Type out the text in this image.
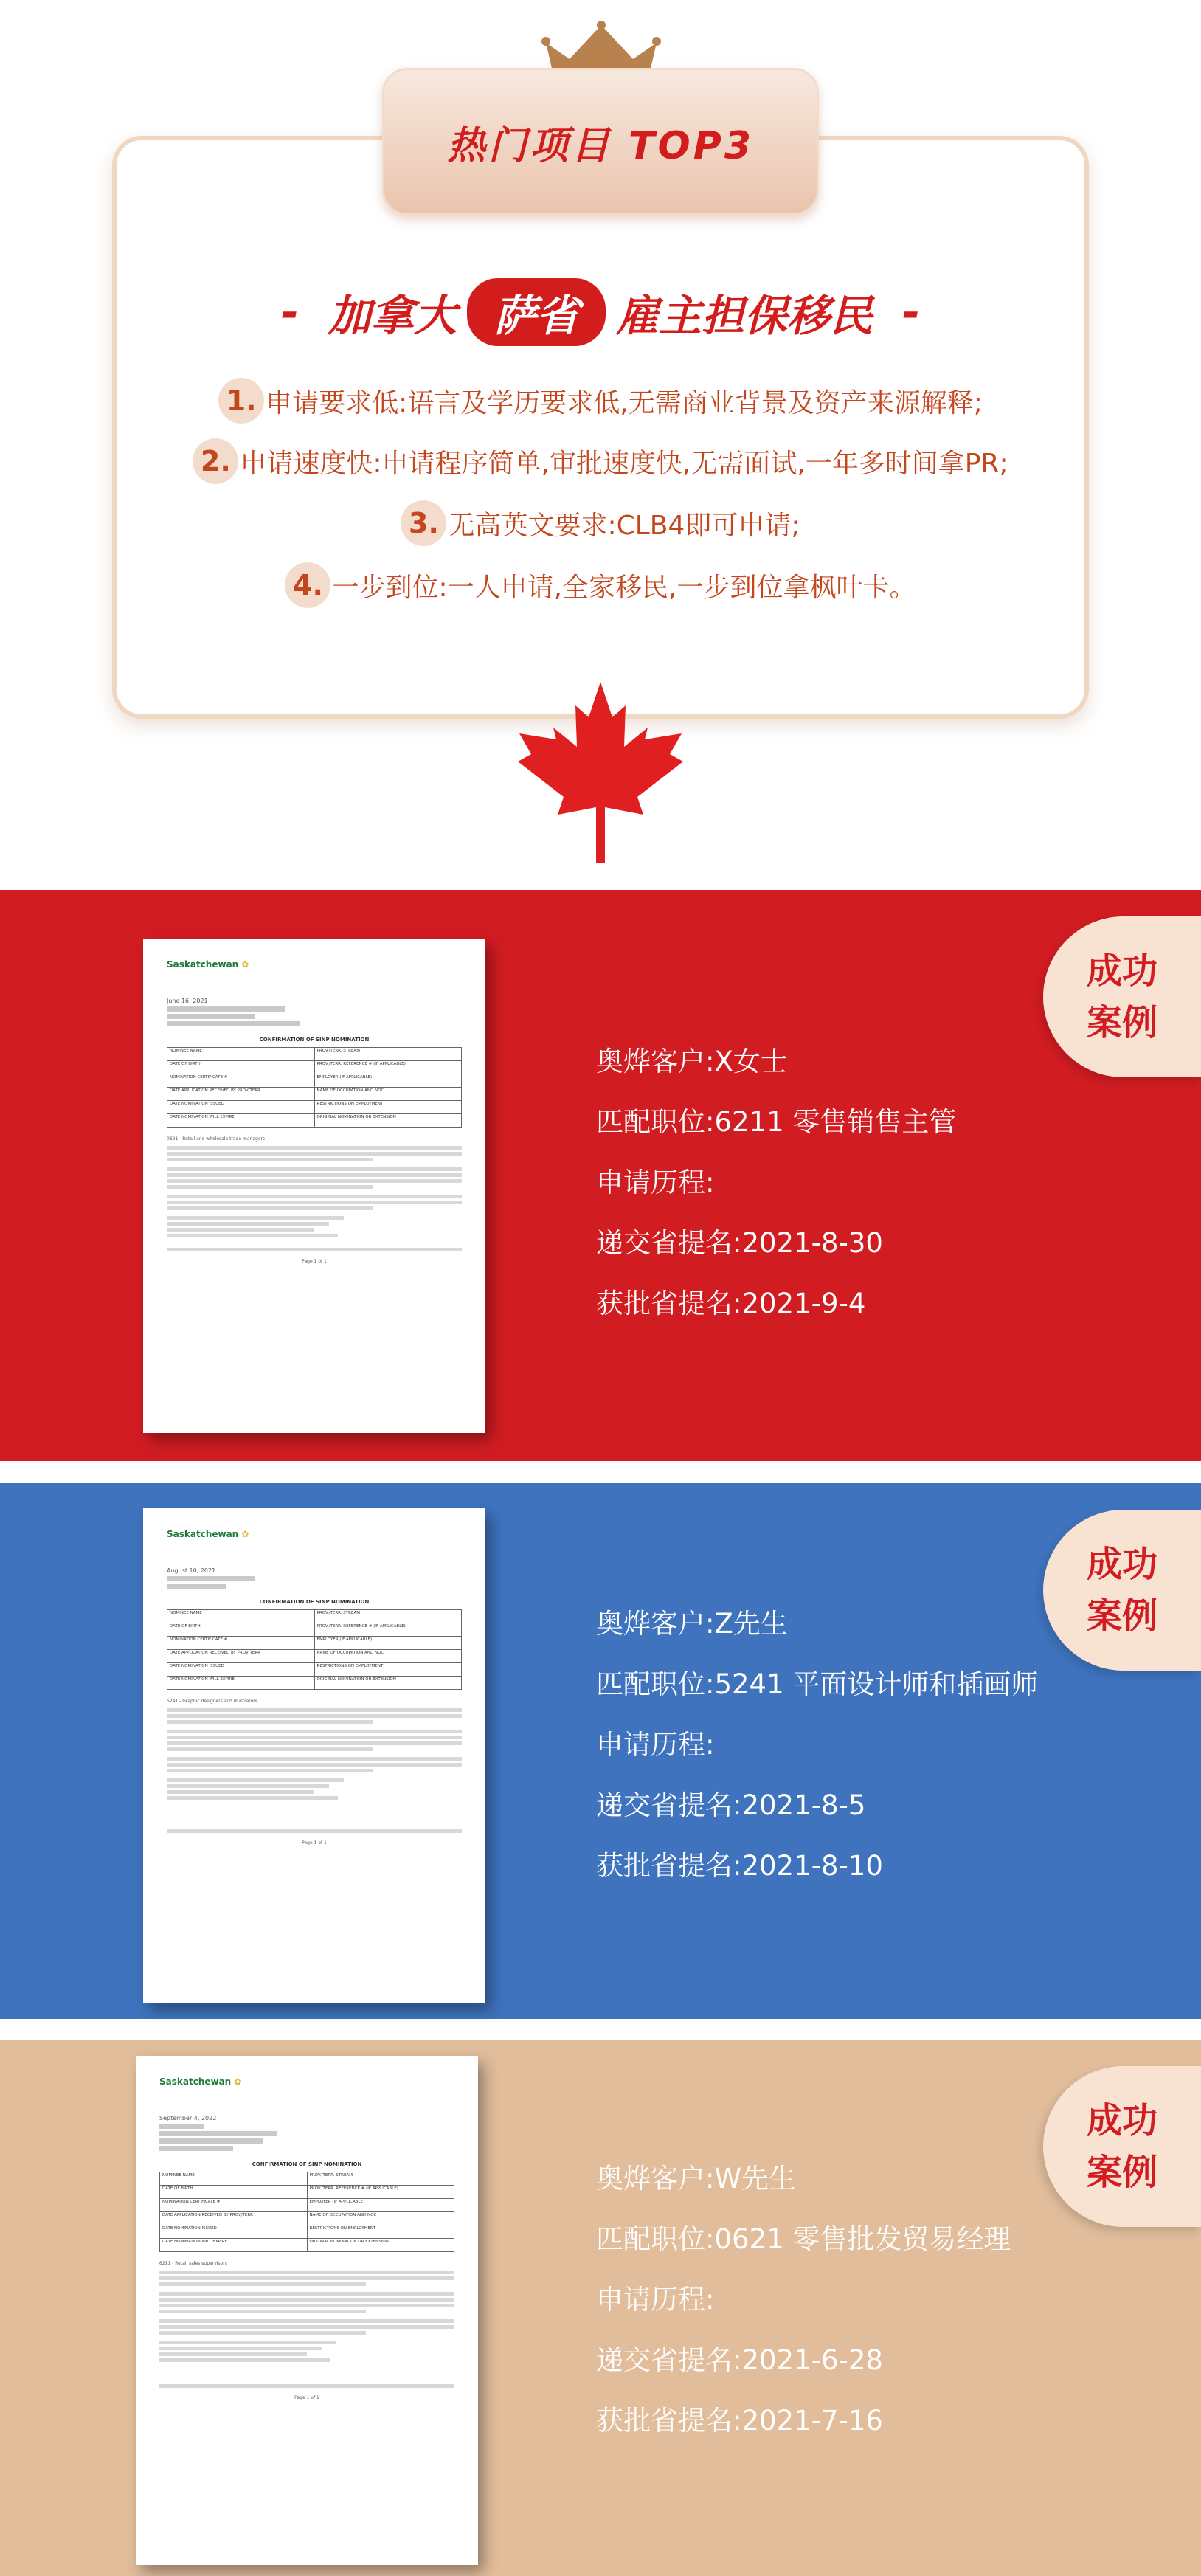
热门项目 TOP3
- 加拿大 萨省 雇主担保移民 -
1. 申请要求低:语言及学历要求低,无需商业背景及资产来源解释;
2. 申请速度快:申请程序简单,审批速度快,无需面试,一年多时间拿PR;
3. 无高英文要求:CLB4即可申请;
4. 一步到位:一人申请,全家移民,一步到位拿枫叶卡。
Saskatchewan ✿
June 16, 2021
CONFIRMATION OF SINP NOMINATION
NOMINEE NAME	PROV./TERR. STREAM
DATE OF BIRTH	PROV./TERR. REFERENCE # (IF APPLICABLE)
NOMINATION CERTIFICATE #	EMPLOYER (IF APPLICABLE)
DATE APPLICATION RECEIVED BY PROV/TERR	NAME OF OCCUPATION AND NOC
DATE NOMINATION ISSUED	RESTRICTIONS ON EMPLOYMENT
DATE NOMINATION WILL EXPIRE	ORIGINAL NOMINATION OR EXTENSION
0621 - Retail and wholesale trade managers
Page 1 of 1
成功
案例
奥烨客户:X女士
匹配职位:6211 零售销售主管
申请历程:
递交省提名:2021-8-30
获批省提名:2021-9-4
Saskatchewan ✿
August 10, 2021
CONFIRMATION OF SINP NOMINATION
NOMINEE NAME	PROV./TERR. STREAM
DATE OF BIRTH	PROV./TERR. REFERENCE # (IF APPLICABLE)
NOMINATION CERTIFICATE #	EMPLOYER (IF APPLICABLE)
DATE APPLICATION RECEIVED BY PROV/TERR	NAME OF OCCUPATION AND NOC
DATE NOMINATION ISSUED	RESTRICTIONS ON EMPLOYMENT
DATE NOMINATION WILL EXPIRE	ORIGINAL NOMINATION OR EXTENSION
5241 - Graphic designers and illustrators
Page 1 of 1
成功
案例
奥烨客户:Z先生
匹配职位:5241 平面设计师和插画师
申请历程:
递交省提名:2021-8-5
获批省提名:2021-8-10
Saskatchewan ✿
September 4, 2022
CONFIRMATION OF SINP NOMINATION
NOMINEE NAME	PROV./TERR. STREAM
DATE OF BIRTH	PROV./TERR. REFERENCE # (IF APPLICABLE)
NOMINATION CERTIFICATE #	EMPLOYER (IF APPLICABLE)
DATE APPLICATION RECEIVED BY PROV/TERR	NAME OF OCCUPATION AND NOC
DATE NOMINATION ISSUED	RESTRICTIONS ON EMPLOYMENT
DATE NOMINATION WILL EXPIRE	ORIGINAL NOMINATION OR EXTENSION
6211 - Retail sales supervisors
Page 1 of 1
成功
案例
奥烨客户:W先生
匹配职位:0621 零售批发贸易经理
申请历程:
递交省提名:2021-6-28
获批省提名:2021-7-16
